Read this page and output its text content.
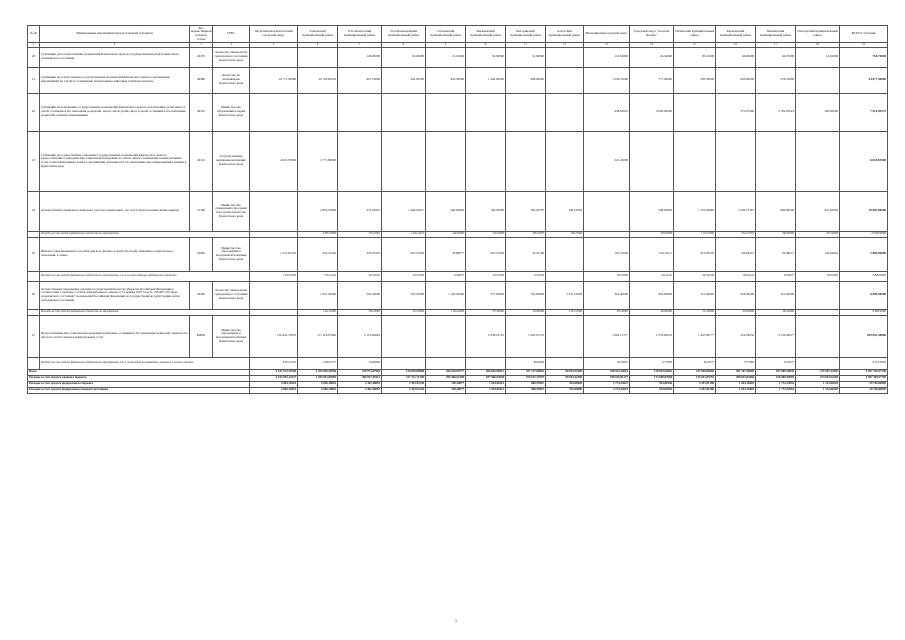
№ пп	Наименование мероприятия (предоставления субсидии)	Код ведомственной целевой статьи	ГРБС	Петропавловск-Камчатский городской округ	Елизовский муниципальный район	Усть-Камчатский муниципальный район	Усть-Большерецкий муниципальный район	Соболевский муниципальный район	Мильковский муниципальный район	Быстринский муниципальный район	Алеутский муниципальный район	Вилючинский городской округ	Городской округ "поселок Палана"	Тигильский муниципальный район	Карагинский муниципальный район	Пенжинский муниципальный район	Олюторский муниципальный район	ВСЕГО субсидий
1	2	3	4	5	6	7	8	9	10	11	12	13	14	15	16	17	18	19
20	Субвенции для осуществления полномочий Камчатского края по государственной регистрации актов гражданского состояния	40270	Агентство записи актов гражданского состояния Камчатского края			126,00000	63,20000	21,10000	56,30000	31,50000		116,50000	24,54000	85,10000	46,00000	46,70000	16,50000	718,70000
21	Субвенции на осуществление государственных полномочий Камчатского края по организации мероприятий по отлову и содержанию безнадзорных животных в Камчатском крае	40280	Агентство по ветеринарии Камчатского края	16 771,50000	20 763,00952	907,10048	562,81000	435,30000	1 262,00000	398,40000		1 056,70000	777,40000	583,50000	603,60000	578,70000		44 077,50000
22	Субвенции на исполнение государственных полномочий Камчатского края по обеспечению детей-сирот и детей, оставшихся без попечения родителей, лиц из числа детей-сирот и детей, оставшихся без попечения родителей, жилыми помещениями	40310	Министерство образования и науки Камчатского края									438,83023	4 000,00000		275,87446	2 702,25023	500,00000	7 914,95572
23	Субвенции на осуществление отдельных государственных полномочий Камчатского края по предоставлению гражданам мер социальной поддержки по оплате жилого помещения и коммунальных услуг в многоквартирных домах и организации деятельности по управлению многоквартирными домами в Камчатском крае	40110	Государственная жилищная инспекция Камчатского края	4 625,70000	1 771,80000							221,43000						6 618,93000
24	Осуществление первичного воинского учета на территориях, где отсутствуют военные комиссариаты	51180	Министерство специальных программ и по делам казачества Камчатского края		2 856,70000	275,22961	1 426,24617	446,60000	146,20000	306,26787	190,10000		348,00000	1 110,29000	1 044,75397	966,80000	931,60000	10 003,00000
	Расходы за счет средств федерального бюджета по мероприятию				2 856,70000	275,22961	1 426,24617	446,60000	146,20000	306,26787	190,10000		348,00000	1 110,29000	1 044,75397	966,80000	931,60000	10 003,00000
25	Выплата единовременного пособия при всех формах устройства детей, лишенных родительского попечения, в семью	52600	Министерство образования и молодежной политики Камчатского края	1 231,81295	676,31262	252,56419	207,16395	50,98077	207,16395	52,32106		163,70656	156,16111	651,82529	136,84212	50,98077	136,04665	3 896,90000
	Расходы за счет средств федерального бюджета по мероприятию, в т.ч. за счет субвенции федерального бюджета			1 231,81295	676,31262	252,56419	207,16395	50,98077	207,16395	52,32106		163,70656	156,16111	651,82529	136,84212	50,98077	136,04665	3 896,90000
26	Осуществление переданных органам государственной власти субъектов Российской Федерации в соответствии с пунктом 1 статьи 4 Федерального закона от 15 ноября 1997 года № 143-ФЗ "Об актах гражданского состояния" полномочий Российской Федерации на государственную регистрацию актов гражданского состояния	59300	Агентство записи актов гражданского состояния Камчатского края		1 421,20000	556,20000	252,70000	1 136,20000	377,60000	156,80000	2 257,10000	316,40000	620,80000	511,60000	618,00000	261,00000		8 908,30000
	Расходы за счет средств федерального бюджета по мероприятию				1 421,20000	556,20000	252,70000	1 136,20000	377,60000	156,80000	2 257,10000	316,40000	620,80000	511,60000	618,00000	261,00000		8 908,30000
27	Предоставление мер социальной поддержки гражданам, оставшимся без попечения родителей, лицам из их числа по оплате жилья и коммунальных услуг	R0820	Министерство образования и молодежной политики Камчатского края	150 641,11870	117 118,07964	6 112,66094			9 539,16710	1 663,07231		5 662,13177	2 553,90019	1 447,99777	524,29934	4 159,06677		299 852,38066
	Расходы за счет средств федерального бюджета по мероприятию, в т.ч. по расходам на разработку земельных и лесных участков			8 437,10163	2 396,97537	170,80000				80,00000		105,00817	21,73000	63,76577	75,37084	56,00477		8 473,40000
Всего				4 547 913,30768	2 459 036,45958	470 973,87983	129 630,89688	266 916,99777	650 062,98413	577 127,80916	80 694,52400	548 934,16916	178 663,93816	147 849,66666	291 167,26009	167 808,20839	275 997,34365	9 997 316,97790
Расходы за счет средств краевого бюджета				4 543 043,14227	2 455 041,85005	468 927,39421	127 211,71290	269 466,64100	657 966,92658	576 627,25597	80 094,42400	548 910,81277	173 680,87668	135 051,85782	289 652,84466	166 080,58695	274 653,94268	9 967 469,97790
Расходы за счет средств федерального бюджета				4 869,16518	5 696,18081	2 461,48081	2 393,93130	748,28077	1 694,08115	800,55967	535,69000	2 774,23627	923,80256	2 297,81386	1 694,18483	1 772,24954	1 123,60265	29 746,80000
Расходы за счет средств федерального бюджета источника				4 869,16518	5 696,18081	2 461,48081	2 393,93130	748,28077	1 694,08115	800,55967	535,69000	2 774,23627	923,80256	2 297,81386	1 694,18483	1 772,24954	1 123,60265	29 746,80000
1
